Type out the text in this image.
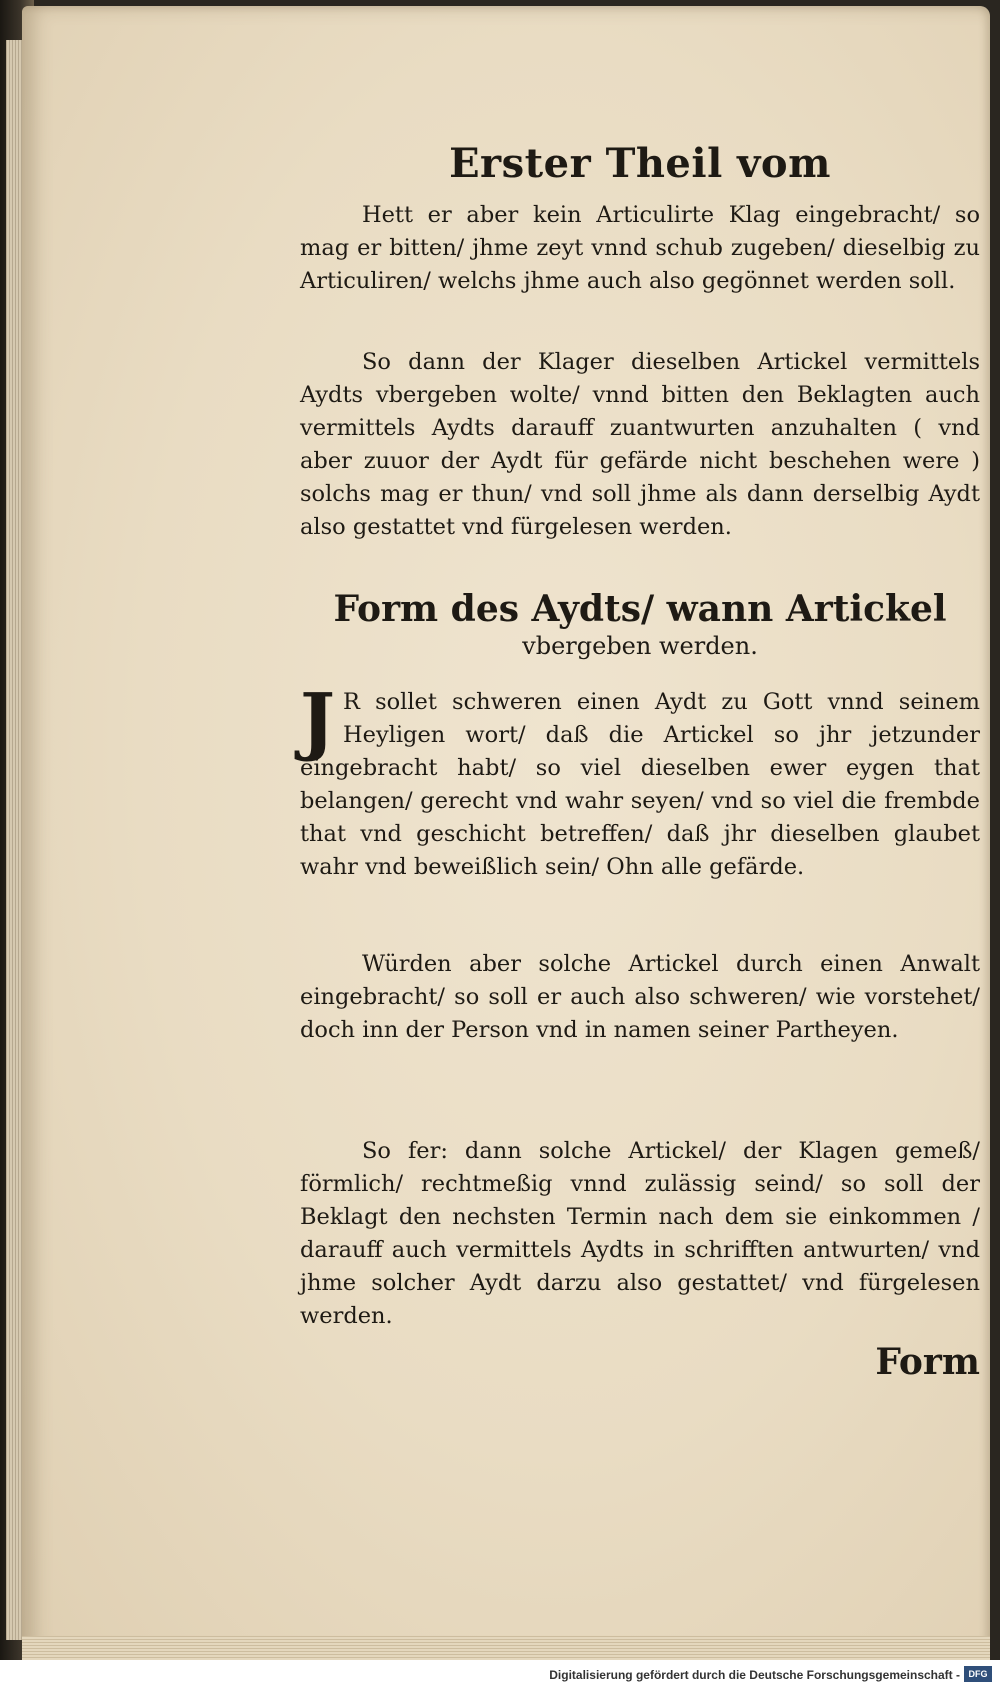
Erster Theil vom

Hett er aber kein Articulirte Klag eingebracht/ so mag er bitten/ jhme zeyt vnnd schub zugeben/ dieselbig zu Articuliren/ welchs jhme auch also gegönnet werden soll.

So dann der Klager dieselben Artickel vermittels Aydts vbergeben wolte/ vnnd bitten den Beklagten auch vermittels Aydts darauff zuantwurten anzuhalten ( vnd aber zuuor der Aydt für gefärde nicht beschehen were ) solchs mag er thun/ vnd soll jhme als dann derselbig Aydt also gestattet vnd fürgelesen werden.

Form des Aydts/ wann Artickel
vbergeben werden.

J R sollet schweren einen Aydt zu Gott vnnd seinem Heyligen wort/ daß die Artickel so jhr jetzunder eingebracht habt/ so viel dieselben ewer eygen that belangen/ gerecht vnd wahr seyen/ vnd so viel die frembde that vnd geschicht betreffen/ daß jhr dieselben glaubet wahr vnd beweißlich sein/ Ohn alle gefärde.

Würden aber solche Artickel durch einen Anwalt eingebracht/ so soll er auch also schweren/ wie vorstehet/ doch inn der Person vnd in namen seiner Partheyen.

So fer: dann solche Artickel/ der Klagen gemeß/ förmlich/ rechtmeßig vnnd zulässig seind/ so soll der Beklagt den nechsten Termin nach dem sie einkommen / darauff auch vermittels Aydts in schrifften antwurten/ vnd jhme solcher Aydt darzu also gestattet/ vnd fürgelesen werden.

Form
Digitalisierung gefördert durch die Deutsche Forschungsgemeinschaft - DFG
